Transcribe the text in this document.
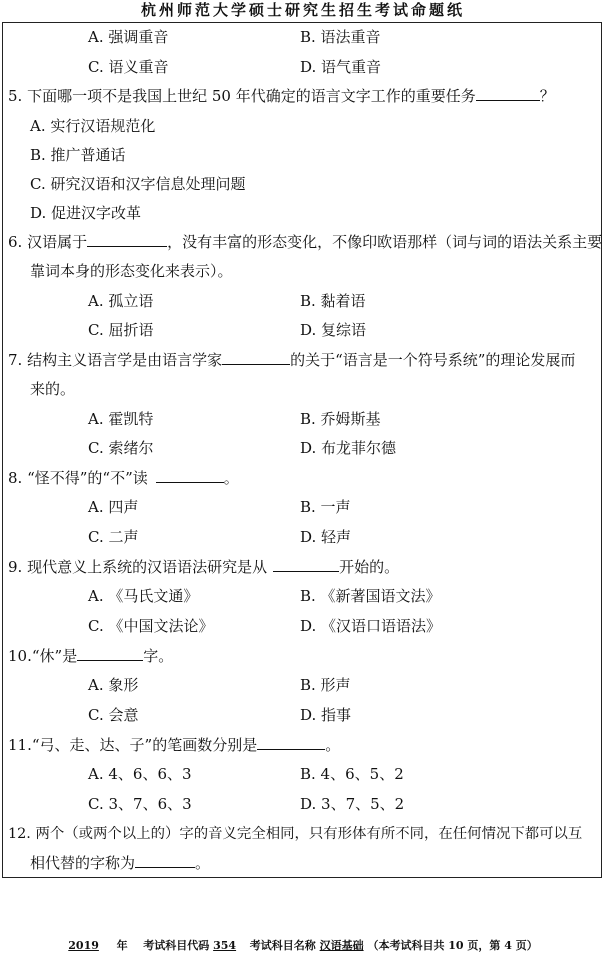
杭州师范大学硕士研究生招生考试命题纸
A. 强调重音	B. 语法重音
C. 语义重音	D. 语气重音
5. 下面哪一项不是我国上世纪 50 年代确定的语言文字工作的重要任务	？
A. 实行汉语规范化
B. 推广普通话
C. 研究汉语和汉字信息处理问题
D. 促进汉字改革
6. 汉语属于	，没有丰富的形态变化，不像印欧语那样（词与词的语法关系主要
靠词本身的形态变化来表示）。
A. 孤立语	B. 黏着语
C. 屈折语	D. 复综语
7. 结构主义语言学是由语言学家	的关于“语言是一个符号系统”的理论发展而
来的。
A. 霍凯特	B. 乔姆斯基
C. 索绪尔	D. 布龙菲尔德
8. “怪不得”的“不”读	。
A. 四声	B. 一声
C. 二声	D. 轻声
9. 现代意义上系统的汉语语法研究是从	开始的。
A. 《马氏文通》	B. 《新著国语文法》
C. 《中国文法论》	D. 《汉语口语语法》
10.“休”是	字。
A. 象形	B. 形声
C. 会意	D. 指事
11.“弓、走、达、子”的笔画数分别是	。
A. 4、6、6、3	B. 4、6、5、2
C. 3、7、6、3	D. 3、7、5、2
12. 两个（或两个以上的）字的音义完全相同，只有形体有所不同，在任何情况下都可以互
相代替的字称为	。
2019 年 考试科目代码 354 考试科目名称 汉语基础 （本考试科目共 10 页，第 4 页）
